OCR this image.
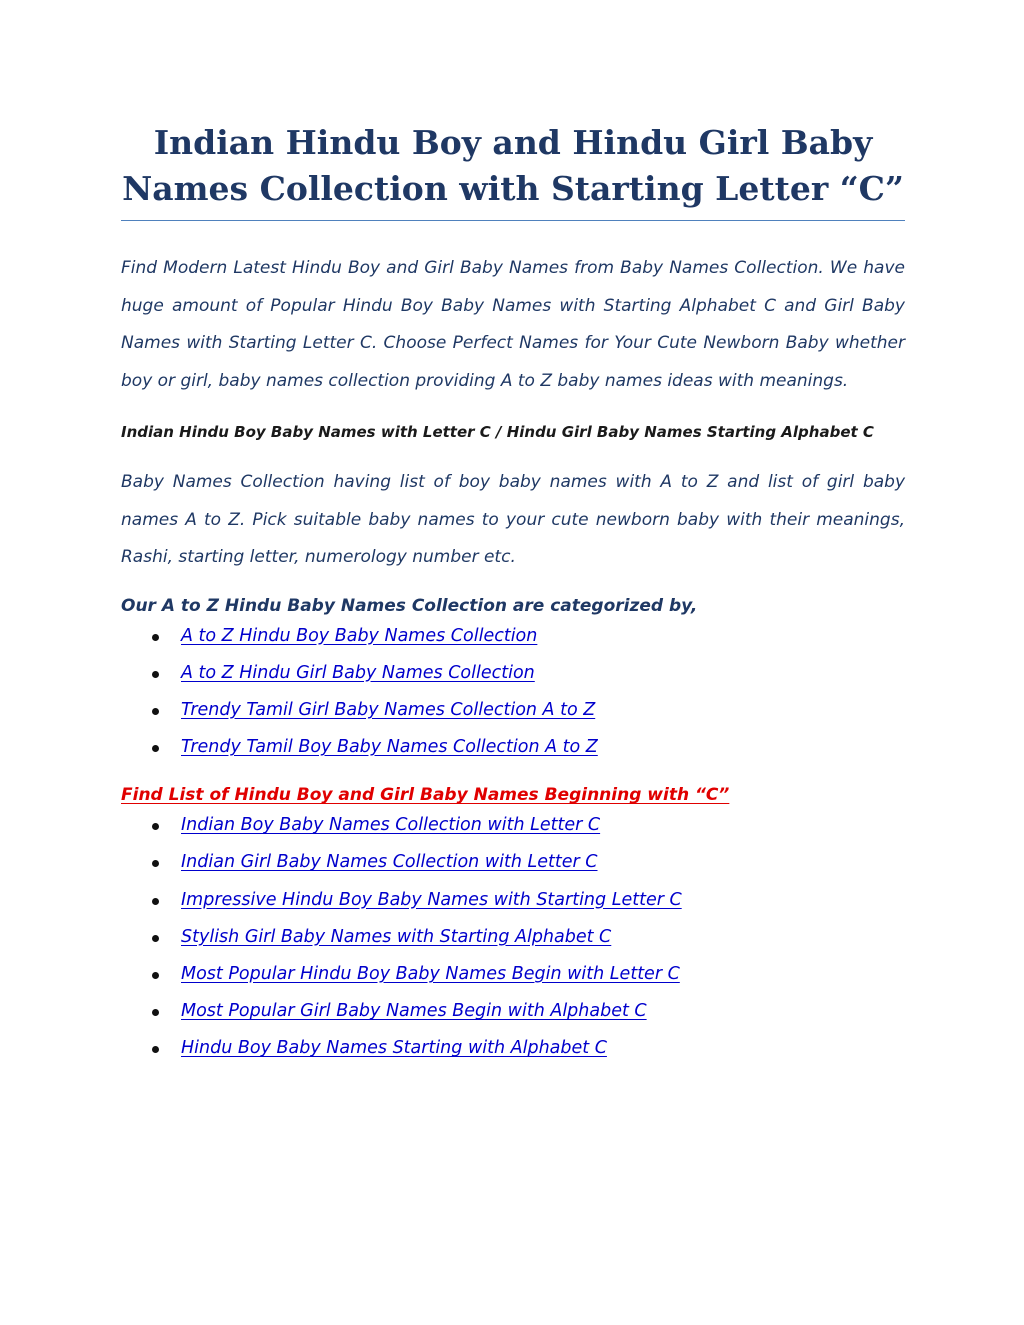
Indian Hindu Boy and Hindu Girl Baby Names Collection with Starting Letter “C”

Find Modern Latest Hindu Boy and Girl Baby Names from Baby Names Collection. We have huge amount of Popular Hindu Boy Baby Names with Starting Alphabet C and Girl Baby Names with Starting Letter C. Choose Perfect Names for Your Cute Newborn Baby whether boy or girl, baby names collection providing A to Z baby names ideas with meanings.

Indian Hindu Boy Baby Names with Letter C / Hindu Girl Baby Names Starting Alphabet C

Baby Names Collection having list of boy baby names with A to Z and list of girl baby names A to Z. Pick suitable baby names to your cute newborn baby with their meanings, Rashi, starting letter, numerology number etc.

Our A to Z Hindu Baby Names Collection are categorized by,

A to Z Hindu Boy Baby Names Collection
A to Z Hindu Girl Baby Names Collection
Trendy Tamil Girl Baby Names Collection A to Z
Trendy Tamil Boy Baby Names Collection A to Z

Find List of Hindu Boy and Girl Baby Names Beginning with “C”

Indian Boy Baby Names Collection with Letter C
Indian Girl Baby Names Collection with Letter C
Impressive Hindu Boy Baby Names with Starting Letter C
Stylish Girl Baby Names with Starting Alphabet C
Most Popular Hindu Boy Baby Names Begin with Letter C
Most Popular Girl Baby Names Begin with Alphabet C
Hindu Boy Baby Names Starting with Alphabet C
